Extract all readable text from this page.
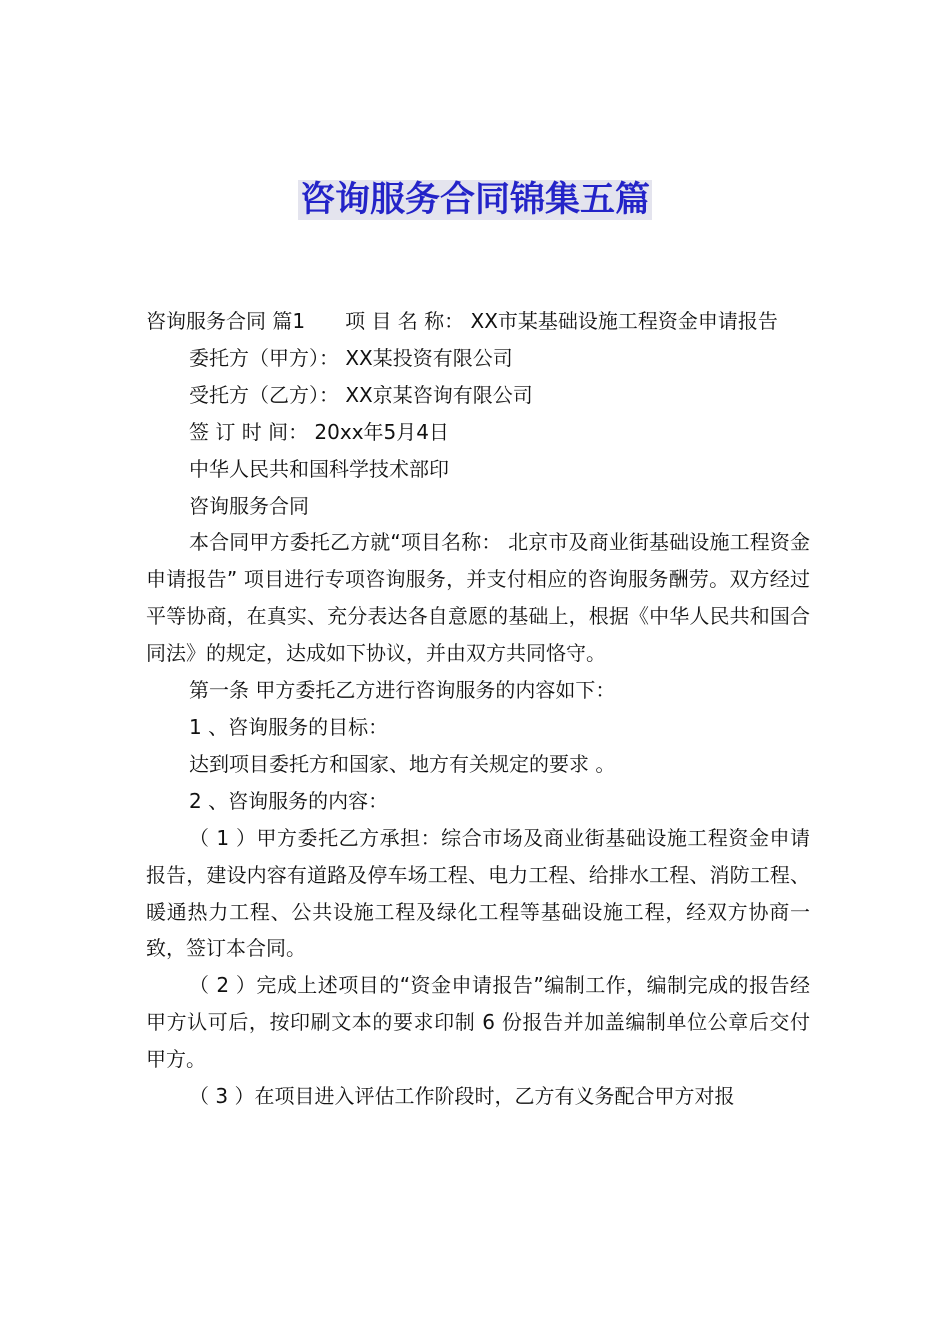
咨询服务合同锦集五篇

咨询服务合同 篇1　　项 目 名 称： XX市某基础设施工程资金申请报告

委托方（甲方）： XX某投资有限公司

受托方（乙方）： XX京某咨询有限公司

签 订 时 间： 20xx年5月4日

中华人民共和国科学技术部印

咨询服务合同

本合同甲方委托乙方就“项目名称： 北京市及商业街基础设施工程资金申请报告” 项目进行专项咨询服务，并支付相应的咨询服务酬劳。双方经过平等协商，在真实、充分表达各自意愿的基础上，根据《中华人民共和国合同法》的规定，达成如下协议，并由双方共同恪守。

第一条 甲方委托乙方进行咨询服务的内容如下：

1 、咨询服务的目标：

达到项目委托方和国家、地方有关规定的要求 。

2 、咨询服务的内容：

（ 1 ）甲方委托乙方承担：综合市场及商业街基础设施工程资金申请报告，建设内容有道路及停车场工程、电力工程、给排水工程、消防工程、暖通热力工程、公共设施工程及绿化工程等基础设施工程，经双方协商一致，签订本合同。

（ 2 ）完成上述项目的“资金申请报告”编制工作，编制完成的报告经甲方认可后，按印刷文本的要求印制 6 份报告并加盖编制单位公章后交付甲方。

（ 3 ）在项目进入评估工作阶段时，乙方有义务配合甲方对报
